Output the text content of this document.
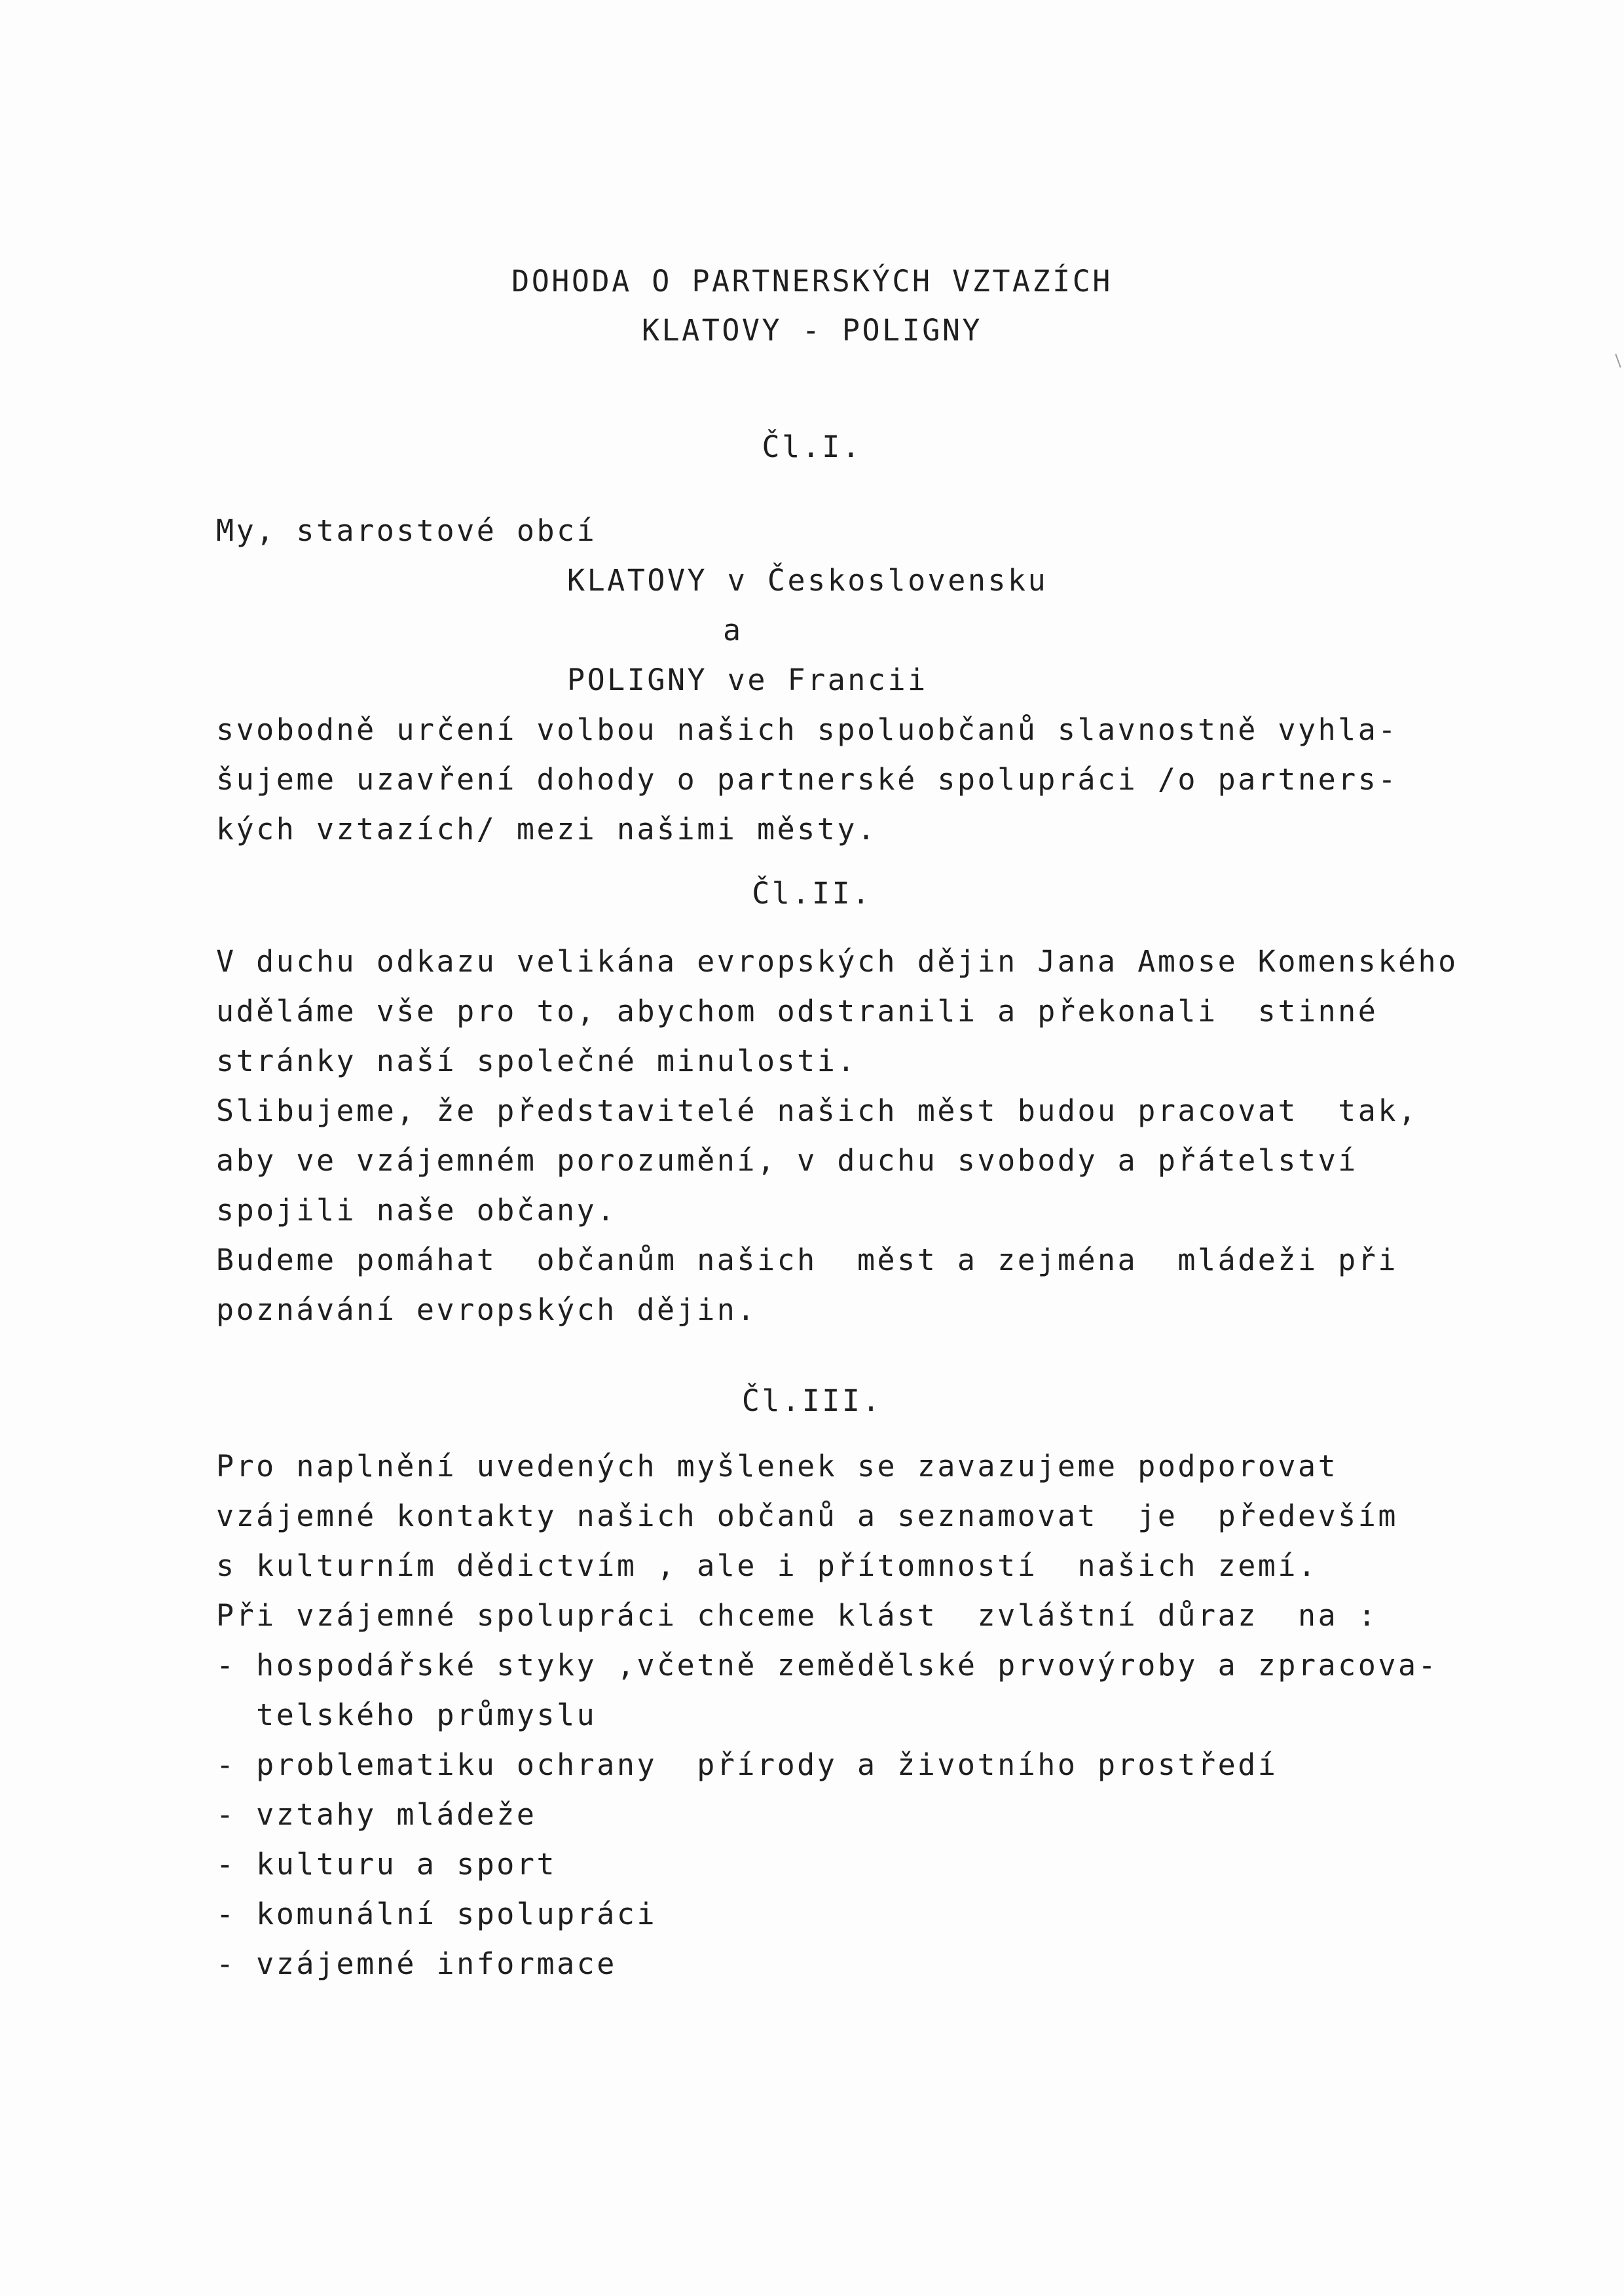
DOHODA O PARTNERSKÝCH VZTAZÍCH
KLATOVY - POLIGNY
Čl.I.
My, starostové obcí
KLATOVY v Československu
a
POLIGNY ve Francii
svobodně určení volbou našich spoluobčanů slavnostně vyhla-
šujeme uzavření dohody o partnerské spolupráci /o partners-
kých vztazích/ mezi našimi městy.
Čl.II.
V duchu odkazu velikána evropských dějin Jana Amose Komenského
uděláme vše pro to, abychom odstranili a překonali  stinné
stránky naší společné minulosti.
Slibujeme, že představitelé našich měst budou pracovat  tak,
aby ve vzájemném porozumění, v duchu svobody a přátelství
spojili naše občany.
Budeme pomáhat  občanům našich  měst a zejména  mládeži při
poznávání evropských dějin.
Čl.III.
Pro naplnění uvedených myšlenek se zavazujeme podporovat
vzájemné kontakty našich občanů a seznamovat  je  především
s kulturním dědictvím , ale i přítomností  našich zemí.
Při vzájemné spolupráci chceme klást  zvláštní důraz  na :
- hospodářské styky ,včetně zemědělské prvovýroby a zpracova-
telského průmyslu
- problematiku ochrany  přírody a životního prostředí
- vztahy mládeže
- kulturu a sport
- komunální spolupráci
- vzájemné informace
